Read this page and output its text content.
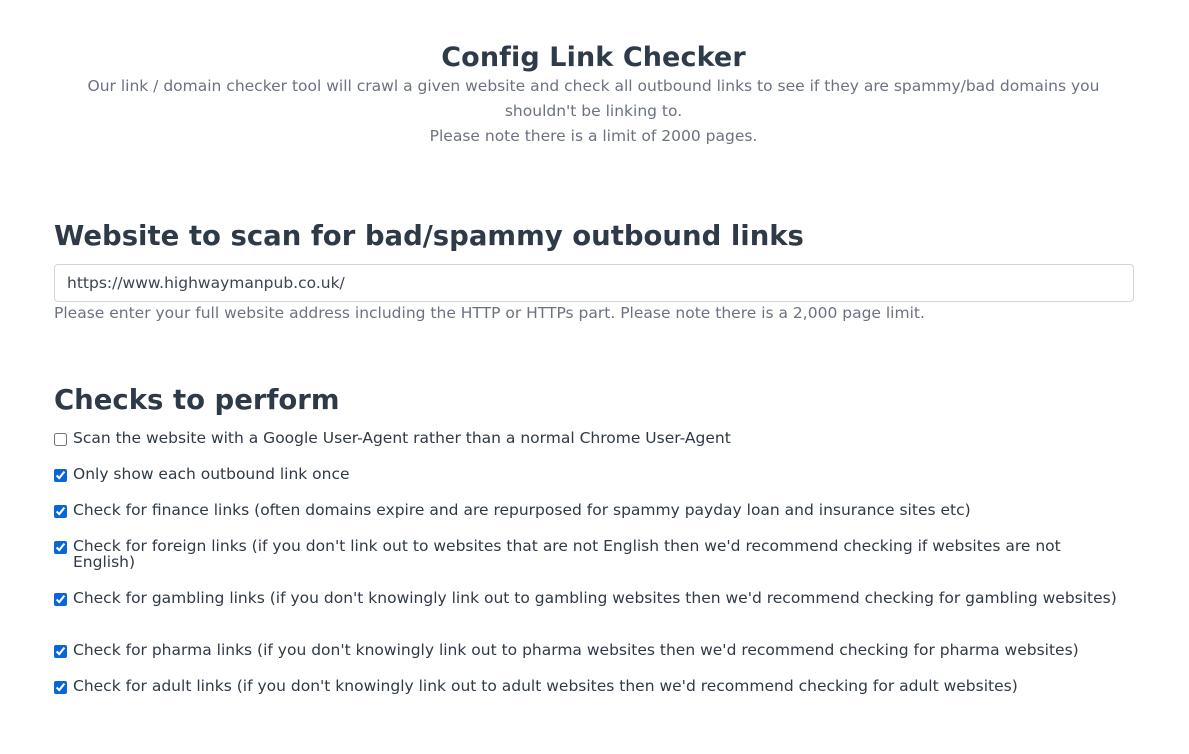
Config Link Checker

Our link / domain checker tool will crawl a given website and check all outbound links to see if they are spammy/bad domains you shouldn't be linking to.

Please note there is a limit of 2000 pages.

Website to scan for bad/spammy outbound links
https://www.highwaymanpub.co.uk/
Please enter your full website address including the HTTP or HTTPs part. Please note there is a 2,000 page limit.
Checks to perform
Scan the website with a Google User-Agent rather than a normal Chrome User-Agent
Only show each outbound link once
Check for finance links (often domains expire and are repurposed for spammy payday loan and insurance sites etc)
Check for foreign links (if you don't link out to websites that are not English then we'd recommend checking if websites are not English)
Check for gambling links (if you don't knowingly link out to gambling websites then we'd recommend checking for gambling websites)
Check for pharma links (if you don't knowingly link out to pharma websites then we'd recommend checking for pharma websites)
Check for adult links (if you don't knowingly link out to adult websites then we'd recommend checking for adult websites)
